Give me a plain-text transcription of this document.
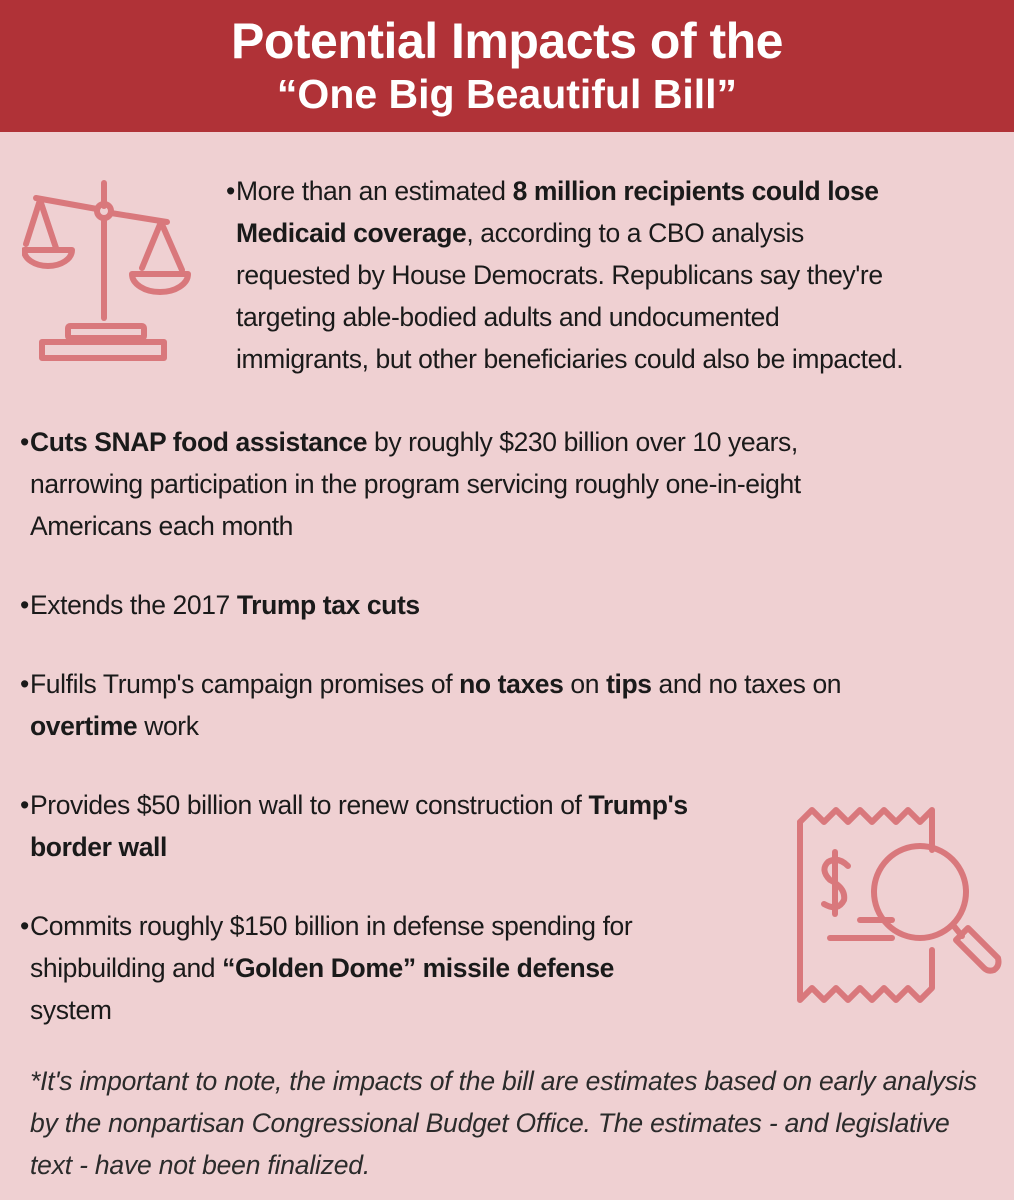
Potential Impacts of the
“One Big Beautiful Bill”
•More than an estimated 8 million recipients could lose
Medicaid coverage, according to a CBO analysis
requested by House Democrats. Republicans say they're
targeting able-bodied adults and undocumented
immigrants, but other beneficiaries could also be impacted.
•Cuts SNAP food assistance by roughly $230 billion over 10 years,
narrowing participation in the program servicing roughly one-in-eight
Americans each month
•Extends the 2017 Trump tax cuts
•Fulfils Trump's campaign promises of no taxes on tips and no taxes on
overtime work
•Provides $50 billion wall to renew construction of Trump's
border wall
•Commits roughly $150 billion in defense spending for
shipbuilding and “Golden Dome” missile defense
system
*It's important to note, the impacts of the bill are estimates based on early analysis by the nonpartisan Congressional Budget Office. The estimates - and legislative text - have not been finalized.
